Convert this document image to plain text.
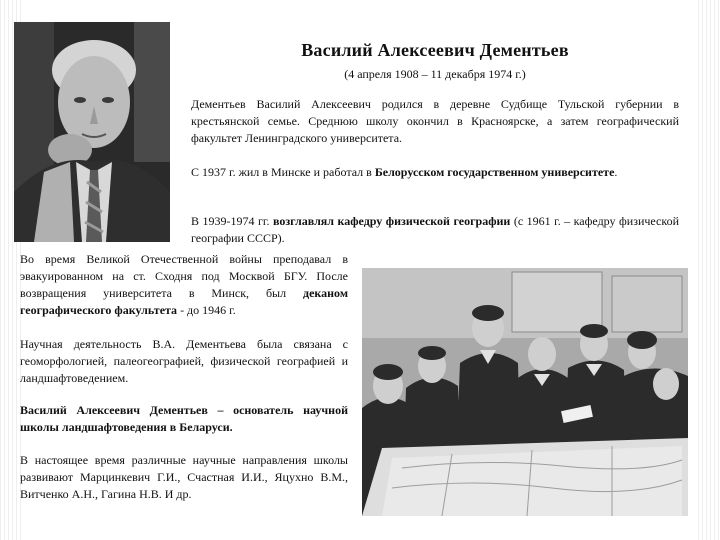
Василий Алексеевич Дементьев
(4 апреля 1908 – 11 декабря 1974 г.)
Дементьев Василий Алексеевич родился в деревне Судбище Тульской губернии в крестьянской семье. Среднюю школу окончил в Красноярске, а затем географический факультет Ленинградского университета.
С 1937 г. жил в Минске и работал в Белорусском государственном университете.
В 1939-1974 гг. возглавлял кафедру физической географии (с 1961 г. – кафедру физической географии СССР).
Во время Великой Отечественной войны преподавал в эвакуированном на ст. Сходня под Москвой БГУ. После возвращения университета в Минск, был деканом географического факультета - до 1946 г.
Научная деятельность В.А. Дементьева была связана с геоморфологией, палеогеографией, физической географией и ландшафтоведением.
Василий Алексеевич Дементьев – основатель научной школы ландшафтоведения в Беларуси.
В настоящее время различные научные направления школы развивают Марцинкевич Г.И., Счастная И.И., Яцухно В.М., Витченко А.Н., Гагина Н.В. И др.
